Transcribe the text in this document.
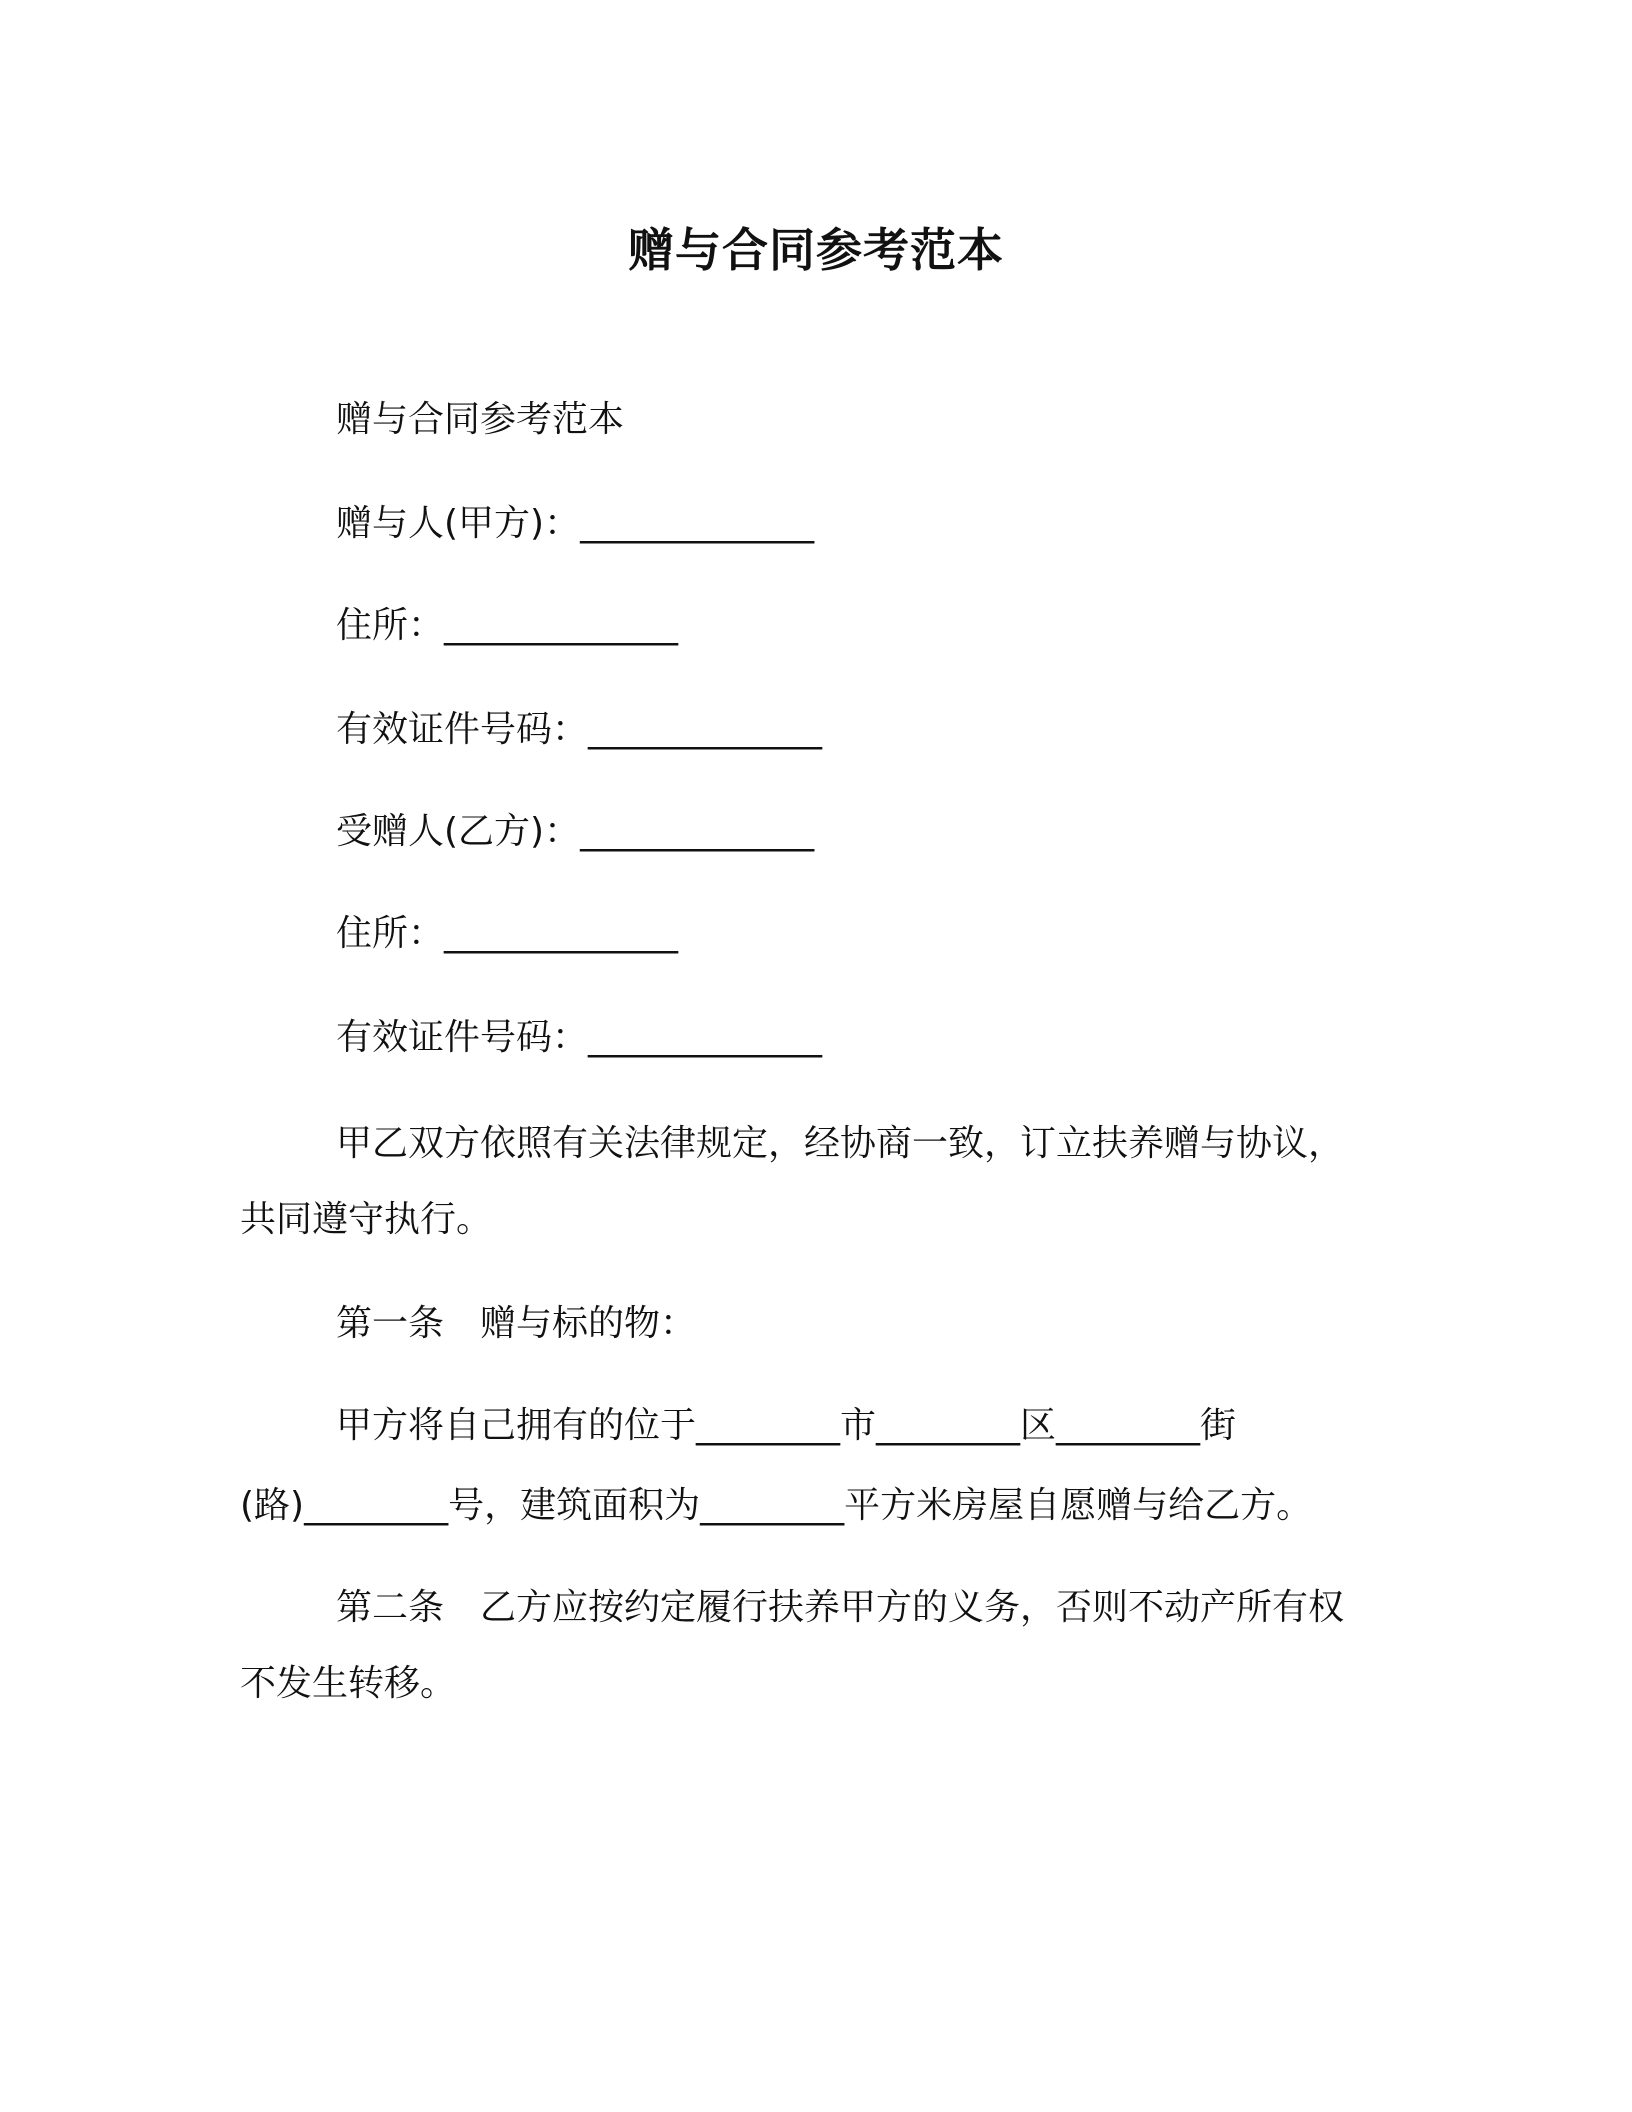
赠与合同参考范本
赠与合同参考范本
赠与人(甲方)：_____________
住所：_____________
有效证件号码：_____________
受赠人(乙方)：_____________
住所：_____________
有效证件号码：_____________
甲乙双方依照有关法律规定，经协商一致，订立扶养赠与协议，
共同遵守执行。
第一条　赠与标的物：
甲方将自己拥有的位于________市________区________街
(路)________号，建筑面积为________平方米房屋自愿赠与给乙方。
第二条　乙方应按约定履行扶养甲方的义务，否则不动产所有权
不发生转移。
